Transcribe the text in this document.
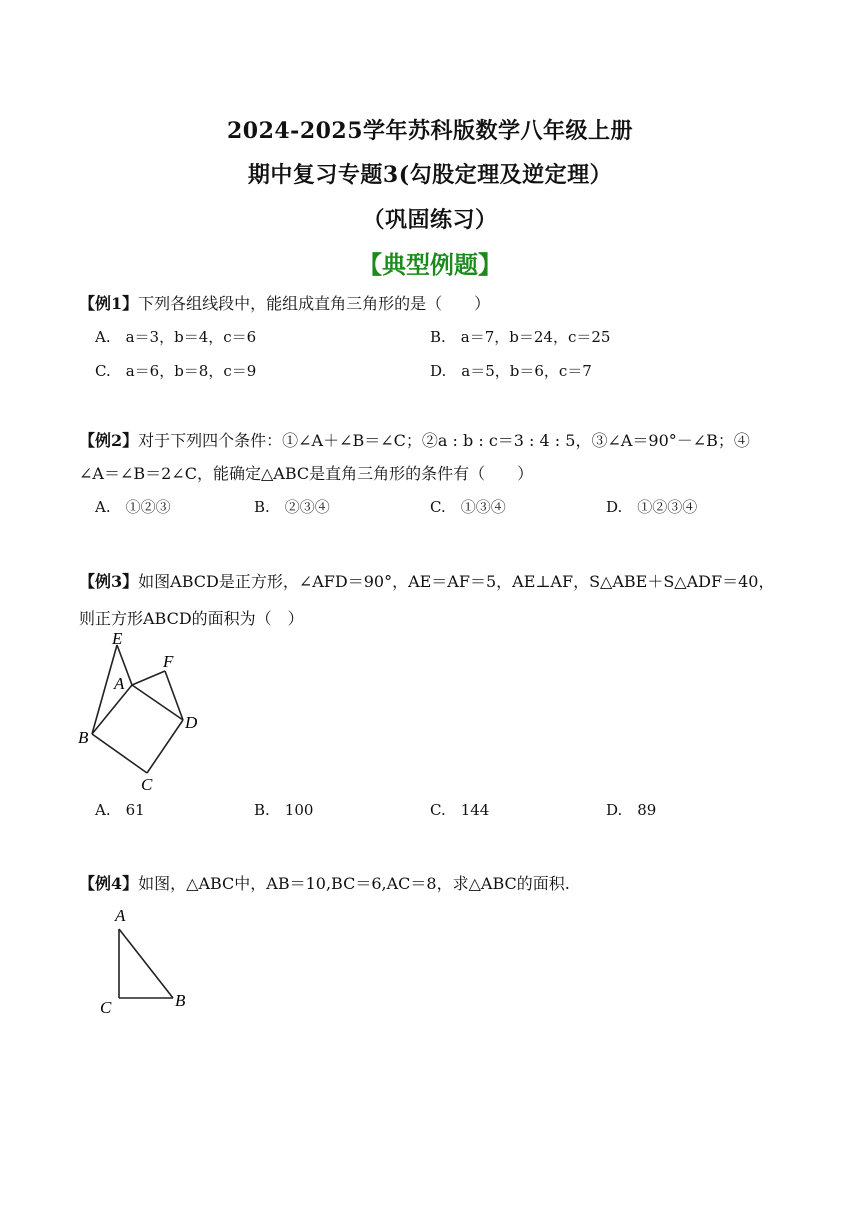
2024-2025学年苏科版数学八年级上册
期中复习专题3(勾股定理及逆定理）
（巩固练习）
【典型例题】
【例1】下列各组线段中，能组成直角三角形的是（　　）
A.　a＝3，b＝4，c＝6	B.　a＝7，b＝24，c＝25
C.　a＝6，b＝8，c＝9	D.　a＝5，b＝6，c＝7
【例2】对于下列四个条件：①∠A＋∠B＝∠C；②a : b : c＝3 : 4 : 5，③∠A＝90°－∠B；④
∠A＝∠B＝2∠C，能确定△ABC是直角三角形的条件有（　　）
A.　①②③	B.　②③④	C.　①③④	D.　①②③④
【例3】如图ABCD是正方形，∠AFD＝90°，AE＝AF＝5，AE⊥AF，S△ABE＋S△ADF＝40，
则正方形ABCD的面积为（　）
E
F
A
B
D
C
A.　61	B.　100	C.　144	D.　89
【例4】如图，△ABC中，AB＝10,BC＝6,AC＝8，求△ABC的面积.
A
C	B
